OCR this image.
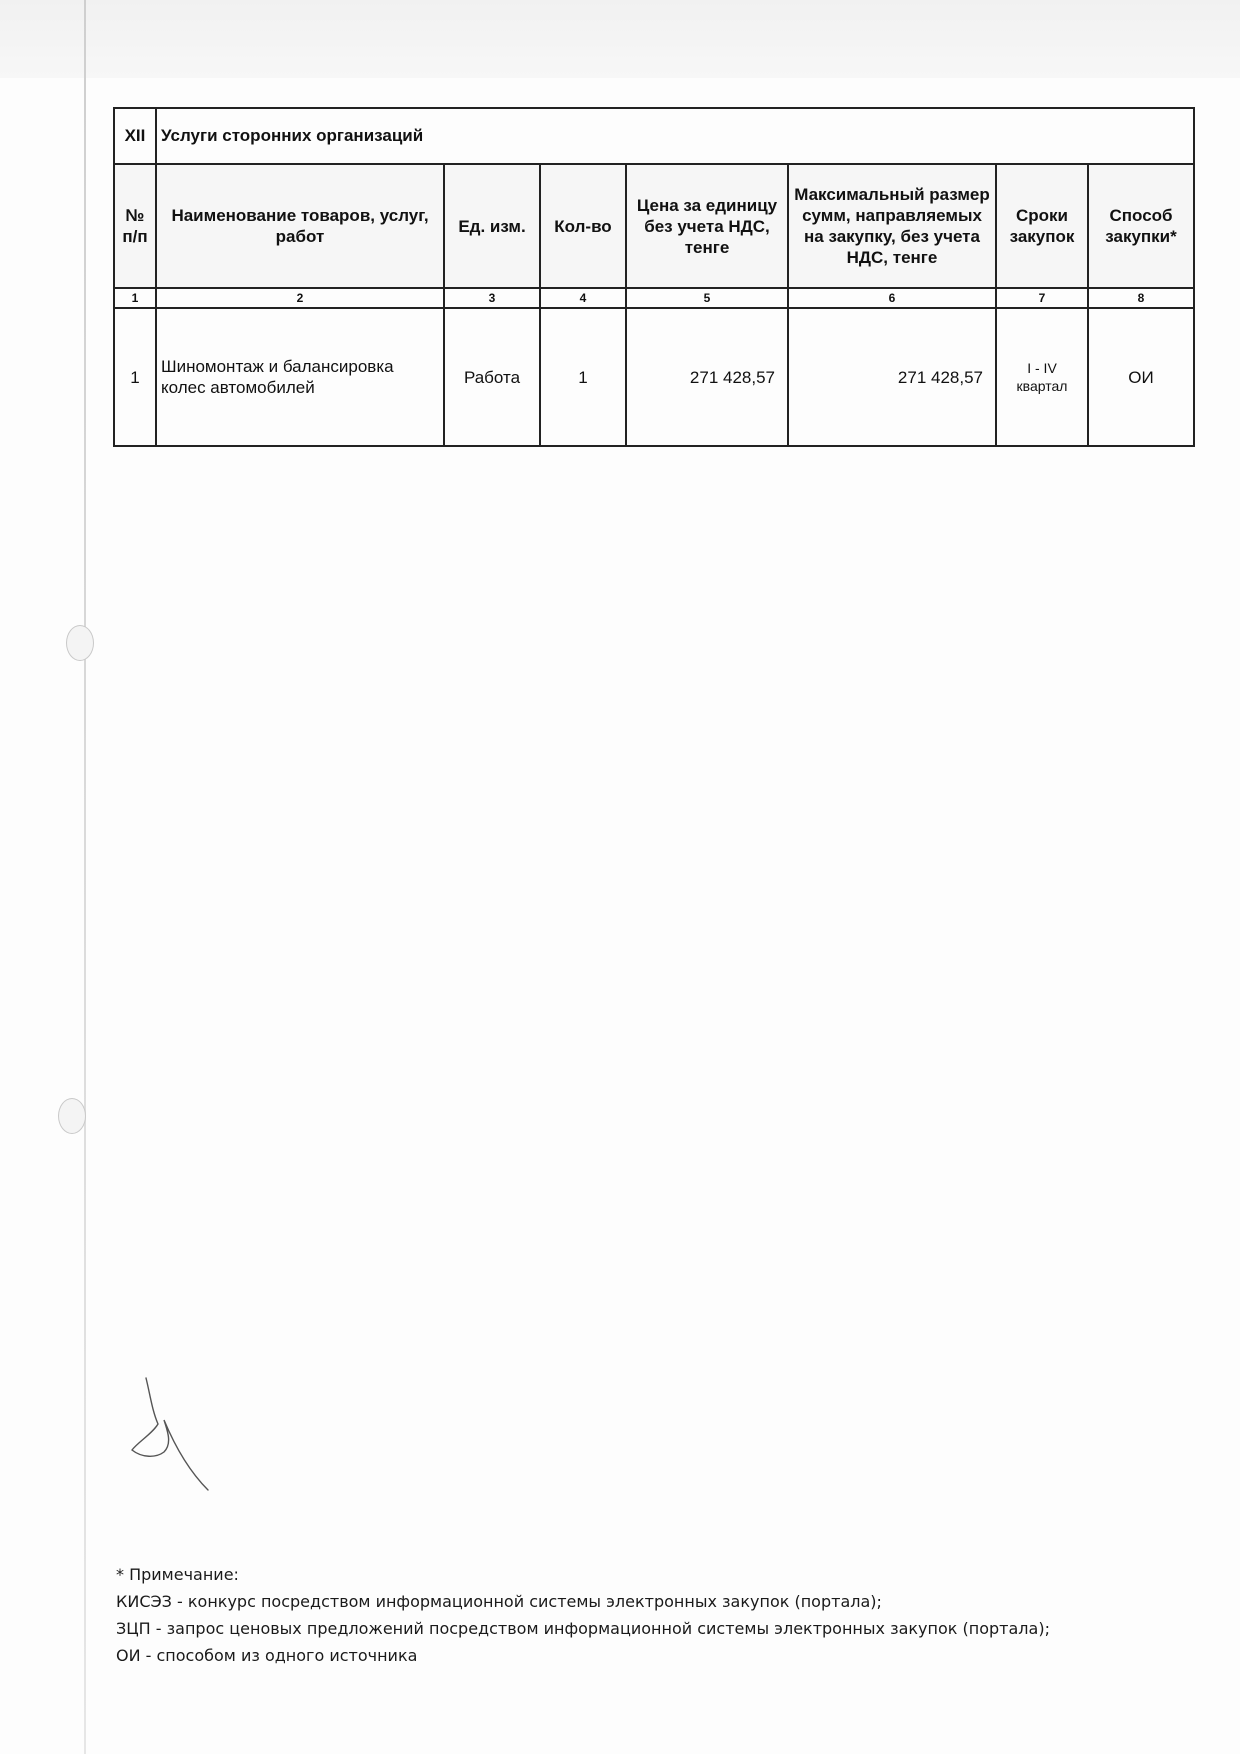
XII	Услуги сторонних организаций						
№ п/п	Наименование товаров, услуг, работ	Ед. изм.	Кол-во	Цена за единицу без учета НДС, тенге	Максимальный размер сумм, направляемых на закупку, без учета НДС, тенге	Сроки закупок	Способ закупки*
1	2	3	4	5	6	7	8
1	Шиномонтаж и балансировка колес автомобилей	Работа	1	271 428,57	271 428,57	I - IV квартал	ОИ
* Примечание:
КИСЭЗ - конкурс посредством информационной системы электронных закупок (портала);
ЗЦП - запрос ценовых предложений посредством информационной системы электронных закупок (портала);
ОИ - способом из одного источника
